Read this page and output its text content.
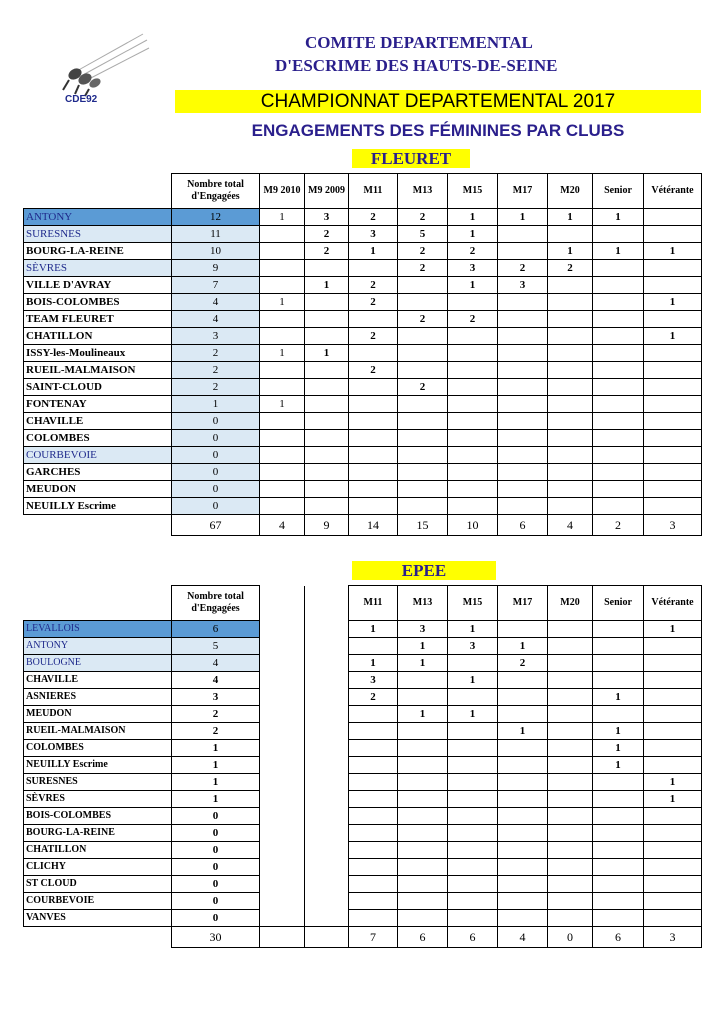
CDE92
COMITE DEPARTEMENTAL
D'ESCRIME DES HAUTS-DE-SEINE
CHAMPIONNAT DEPARTEMENTAL 2017
ENGAGEMENTS DES FÉMININES PAR CLUBS
FLEURET
EPEE
	Nombre total d'Engagées	M9 2010	M9 2009	M11	M13	M15	M17	M20	Senior	Vétérante
ANTONY	12	1	3	2	2	1	1	1	1	
SURESNES	11		2	3	5	1				
BOURG-LA-REINE	10		2	1	2	2		1	1	1
SÈVRES	9				2	3	2	2		
VILLE D'AVRAY	7		1	2		1	3			
BOIS-COLOMBES	4	1		2						1
TEAM FLEURET	4				2	2				
CHATILLON	3			2						1
ISSY-les-Moulineaux	2	1	1							
RUEIL-MALMAISON	2			2						
SAINT-CLOUD	2				2					
FONTENAY	1	1								
CHAVILLE	0									
COLOMBES	0									
COURBEVOIE	0									
GARCHES	0									
MEUDON	0									
NEUILLY Escrime	0									
	67	4	9	14	15	10	6	4	2	3
	Nombre total d'Engagées			M11	M13	M15	M17	M20	Senior	Vétérante
LEVALLOIS	6			1	3	1				1
ANTONY	5				1	3	1			
BOULOGNE	4			1	1		2			
CHAVILLE	4			3		1				
ASNIERES	3			2					1	
MEUDON	2				1	1				
RUEIL-MALMAISON	2						1		1	
COLOMBES	1								1	
NEUILLY Escrime	1								1	
SURESNES	1									1
SÈVRES	1									1
BOIS-COLOMBES	0									
BOURG-LA-REINE	0									
CHATILLON	0									
CLICHY	0									
ST CLOUD	0									
COURBEVOIE	0									
VANVES	0									
	30			7	6	6	4	0	6	3
